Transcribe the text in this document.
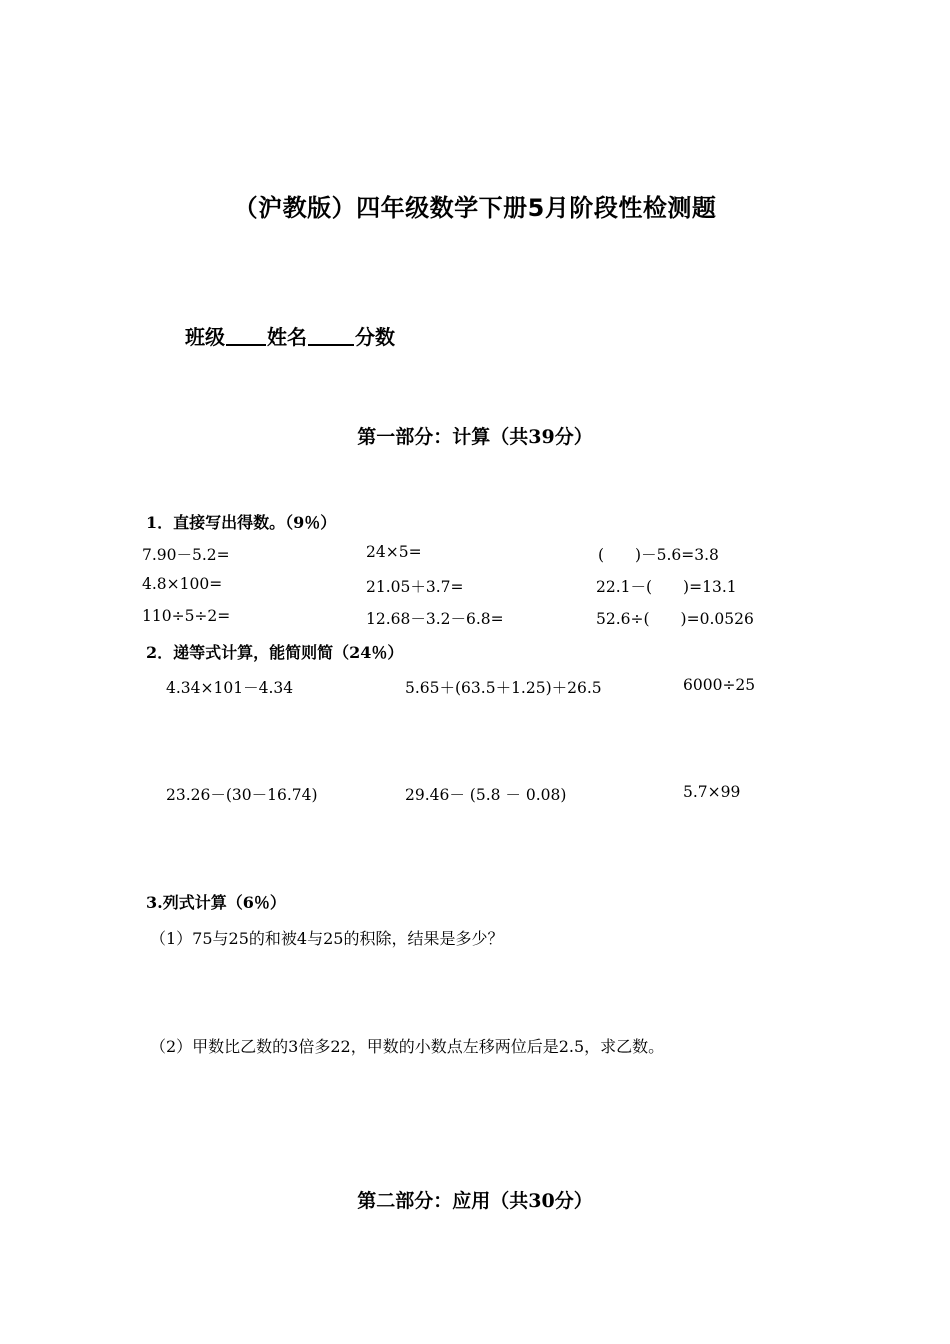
（沪教版）四年级数学下册5月阶段性检测题
班级 姓名 分数
第一部分：计算（共39分）
1．直接写出得数。（9％）
7.90－5.2=	24×5=	(　　)－5.6=3.8
4.8×100=	21.05＋3.7=	22.1－(　　)=13.1
110÷5÷2=	12.68－3.2－6.8=	52.6÷(　　)=0.0526
2．递等式计算，能简则简（24％）
4.34×101－4.34	5.65＋(63.5＋1.25)＋26.5	6000÷25
23.26－(30－16.74)	29.46－ (5.8 － 0.08)	5.7×99
3.列式计算（6％）
（1）75与25的和被4与25的积除，结果是多少？
（2）甲数比乙数的3倍多22，甲数的小数点左移两位后是2.5，求乙数。
第二部分：应用（共30分）
